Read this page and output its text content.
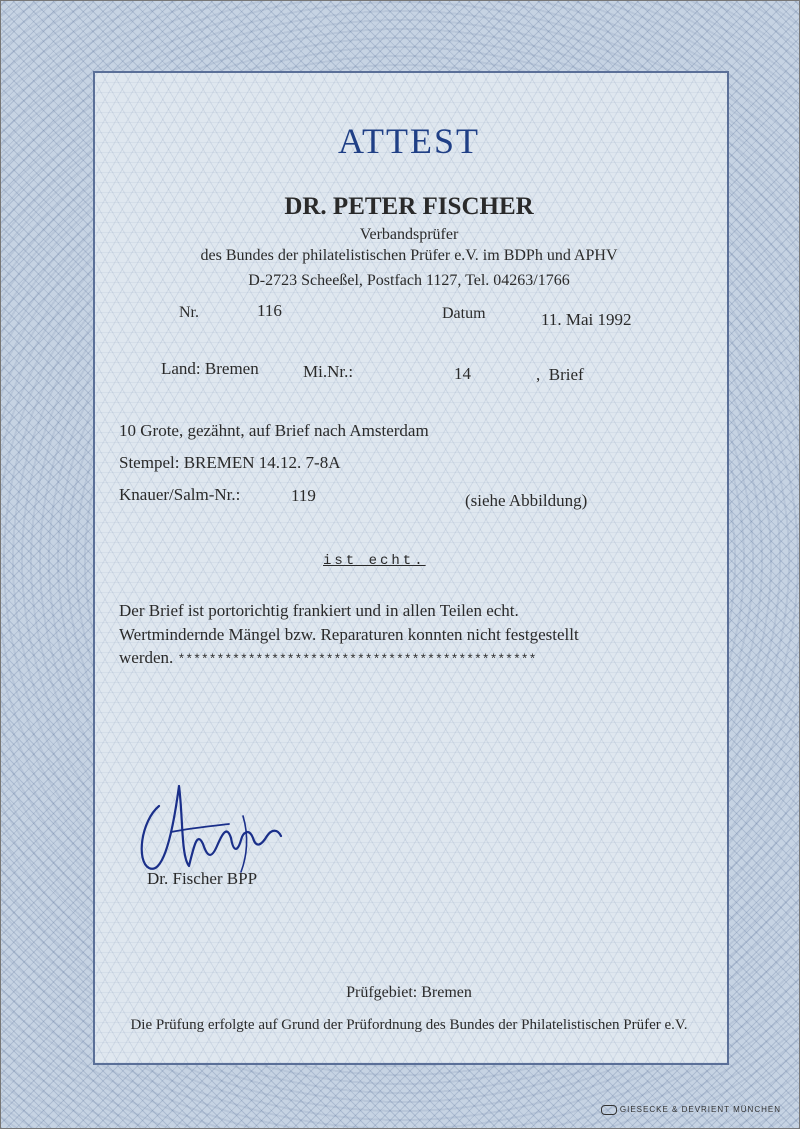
ATTEST
DR. PETER FISCHER
Verbandsprüfer
des Bundes der philatelistischen Prüfer e.V. im BDPh und APHV
D-2723 Scheeßel, Postfach 1127, Tel. 04263/1766
Nr.	116	Datum	11. Mai 1992
Land: Bremen	Mi.Nr.:	14	,  Brief
10 Grote, gezähnt, auf Brief nach Amsterdam
Stempel: BREMEN 14.12. 7-8A
Knauer/Salm-Nr.:	119	(siehe Abbildung)
ist echt.
Der Brief ist portorichtig frankiert und in allen Teilen echt.
Wertmindernde Mängel bzw. Reparaturen konnten nicht festgestellt
werden. **********************************************
Dr. Fischer BPP
Prüfgebiet: Bremen
Die Prüfung erfolgte auf Grund der Prüfordnung des Bundes der Philatelistischen Prüfer e.V.
GIESECKE & DEVRIENT MÜNCHEN
